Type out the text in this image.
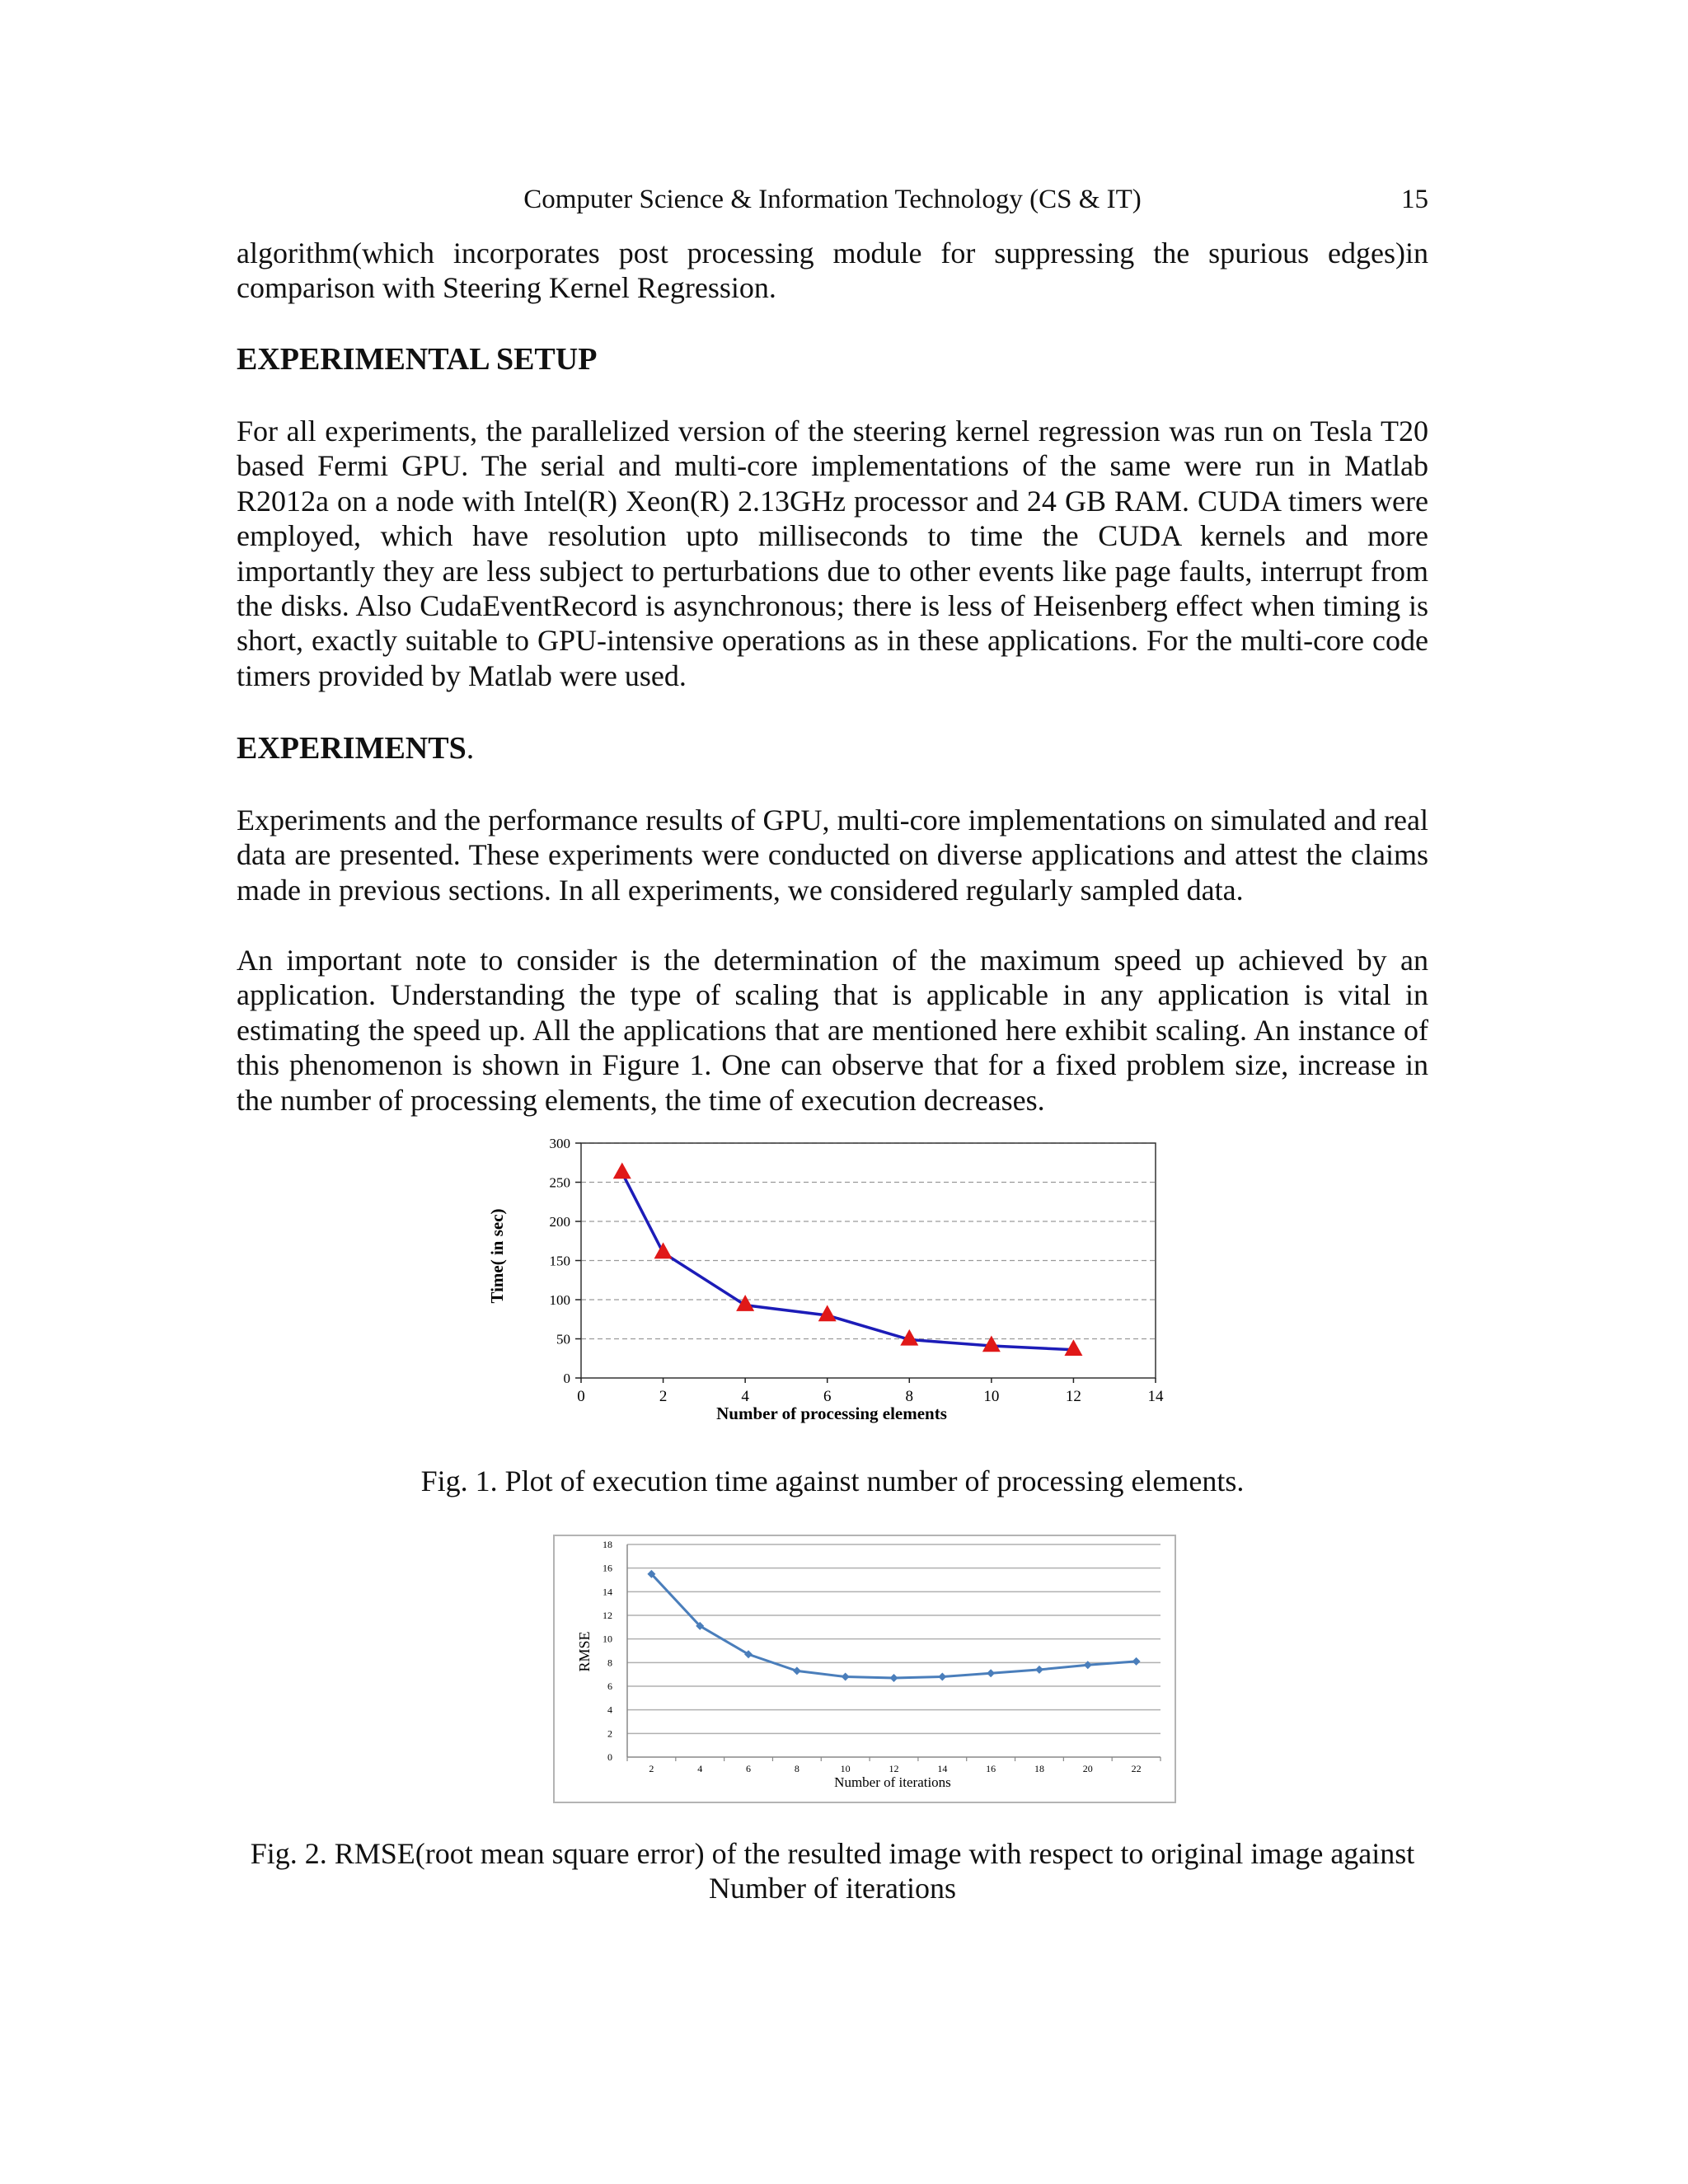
Computer Science & Information Technology (CS & IT)	15

algorithm(which incorporates post processing module for suppressing the spurious edges)in comparison with Steering Kernel Regression.

EXPERIMENTAL SETUP

For all experiments, the parallelized version of the steering kernel regression was run on Tesla T20 based Fermi GPU. The serial and multi-core implementations of the same were run in Matlab R2012a on a node with Intel(R) Xeon(R) 2.13GHz processor and 24 GB RAM. CUDA timers were employed, which have resolution upto milliseconds to time the CUDA kernels and more importantly they are less subject to perturbations due to other events like page faults, interrupt from the disks. Also CudaEventRecord is asynchronous; there is less of Heisenberg effect when timing is short, exactly suitable to GPU-intensive operations as in these applications. For the multi-core code timers provided by Matlab were used.

EXPERIMENTS.

Experiments and the performance results of GPU, multi-core implementations on simulated and real data are presented. These experiments were conducted on diverse applications and attest the claims made in previous sections. In all experiments, we considered regularly sampled data.

An important note to consider is the determination of the maximum speed up achieved by an application. Understanding the type of scaling that is applicable in any application is vital in estimating the speed up. All the applications that are mentioned here exhibit scaling. An instance of this phenomenon is shown in Figure 1. One can observe that for a fixed problem size, increase in the number of processing elements, the time of execution decreases.

0
50
100
150
200
250
300
0	2	4	6	8	10	12	14
Number of processing elements
Time( in sec)

Fig. 1. Plot of execution time against number of processing elements.

0
2
4
6
8
10
12
14
16
18
2	4	6	8	10	12	14	16	18	20	22
Number of iterations
RMSE

Fig. 2. RMSE(root mean square error) of the resulted image with respect to original image against Number of iterations
